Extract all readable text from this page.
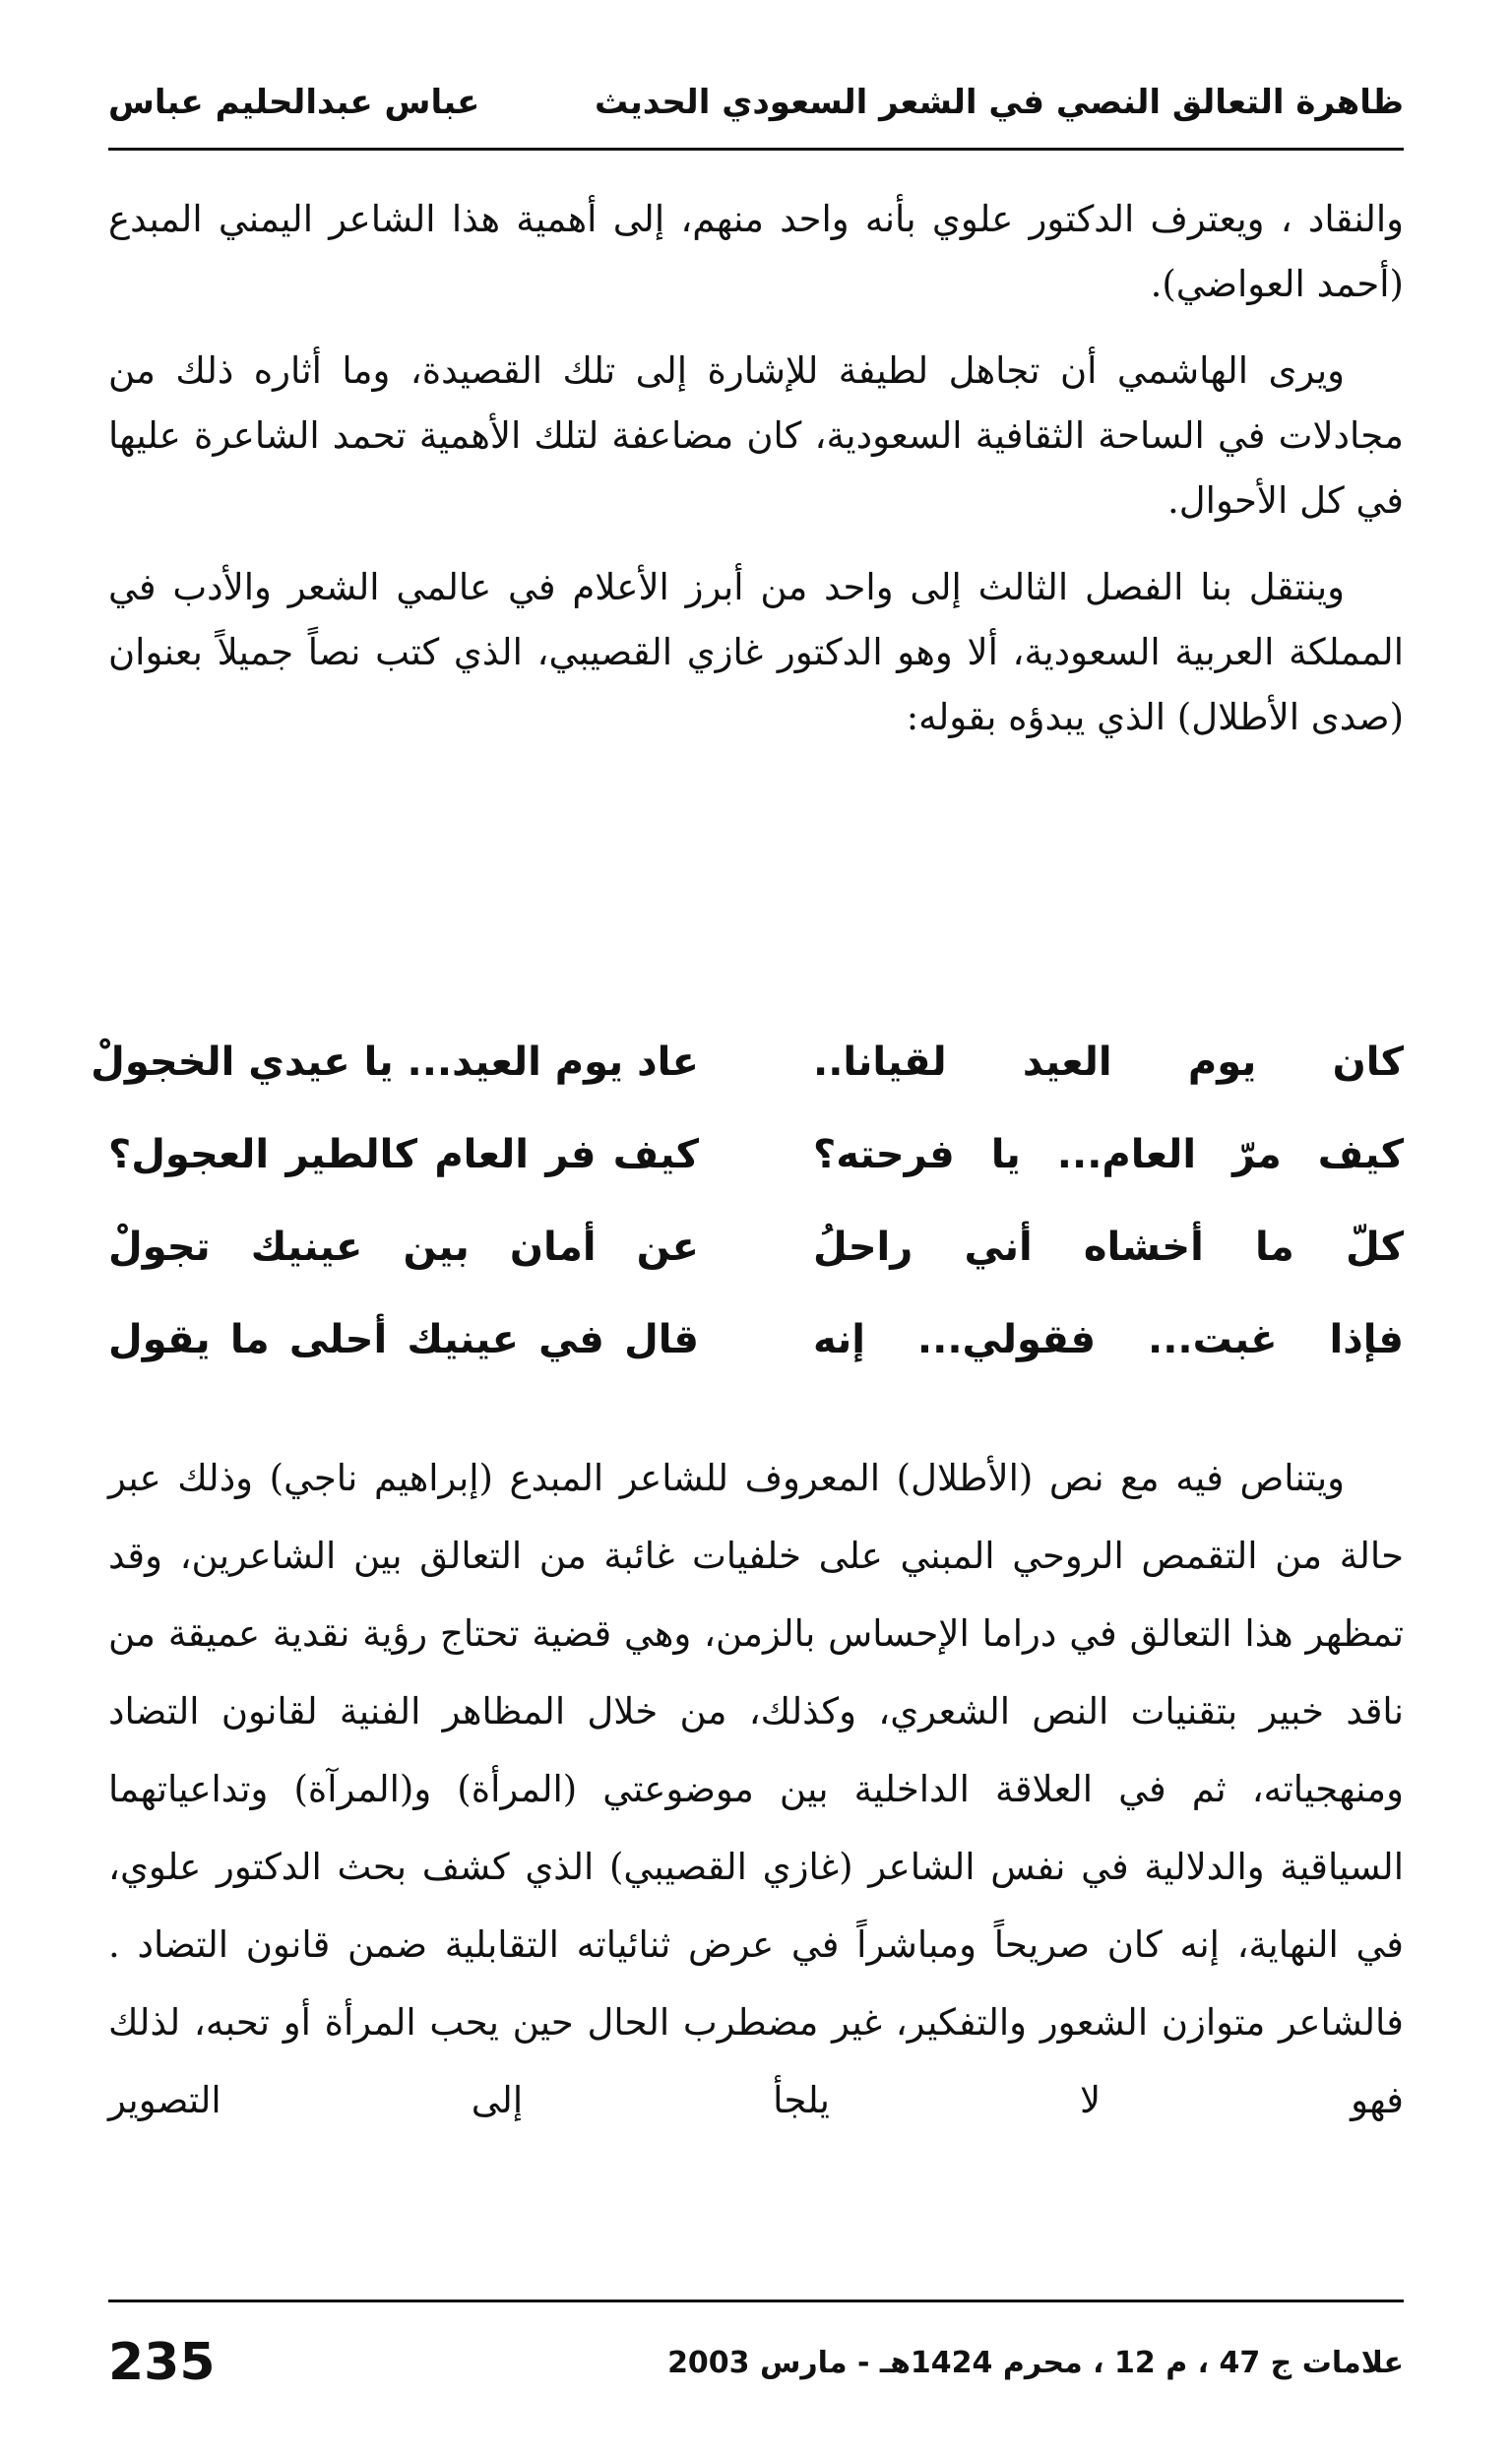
ظاهرة التعالق النصي في الشعر السعودي الحديث
عباس عبدالحليم عباس

والنقاد ، ويعترف الدكتور علوي بأنه واحد منهم، إلى أهمية هذا الشاعر اليمني المبدع (أحمد العواضي).

ويرى الهاشمي أن تجاهل لطيفة للإشارة إلى تلك القصيدة، وما أثاره ذلك من مجادلات في الساحة الثقافية السعودية، كان مضاعفة لتلك الأهمية تحمد الشاعرة عليها في كل الأحوال.

وينتقل بنا الفصل الثالث إلى واحد من أبرز الأعلام في عالمي الشعر والأدب في المملكة العربية السعودية، ألا وهو الدكتور غازي القصيبي، الذي كتب نصاً جميلاً بعنوان (صدى الأطلال) الذي يبدؤه بقوله:

كان يوم العيد لقيانا..
عاد يوم العيد... يا عيدي الخجولْ
كيف مرّ العام... يا فرحته؟
كيف فر العام كالطير العجول؟
كلّ ما أخشاه أني راحلُ
عن أمان بين عينيك تجولْ
فإذا غبت... فقولي... إنه
قال في عينيك أحلى ما يقول

ويتناص فيه مع نص (الأطلال) المعروف للشاعر المبدع (إبراهيم ناجي) وذلك عبر حالة من التقمص الروحي المبني على خلفيات غائبة من التعالق بين الشاعرين، وقد تمظهر هذا التعالق في دراما الإحساس بالزمن، وهي قضية تحتاج رؤية نقدية عميقة من ناقد خبير بتقنيات النص الشعري، وكذلك، من خلال المظاهر الفنية لقانون التضاد ومنهجياته، ثم في العلاقة الداخلية بين موضوعتي (المرأة) و(المرآة) وتداعياتهما السياقية والدلالية في نفس الشاعر (غازي القصيبي) الذي كشف بحث الدكتور علوي، في النهاية، إنه كان صريحاً ومباشراً في عرض ثنائياته التقابلية ضمن قانون التضاد . فالشاعر متوازن الشعور والتفكير، غير مضطرب الحال حين يحب المرأة أو تحبه، لذلك فهو لا يلجأ إلى التصوير

علامات ج 47 ، م 12 ، محرم 1424هـ - مارس 2003
235
